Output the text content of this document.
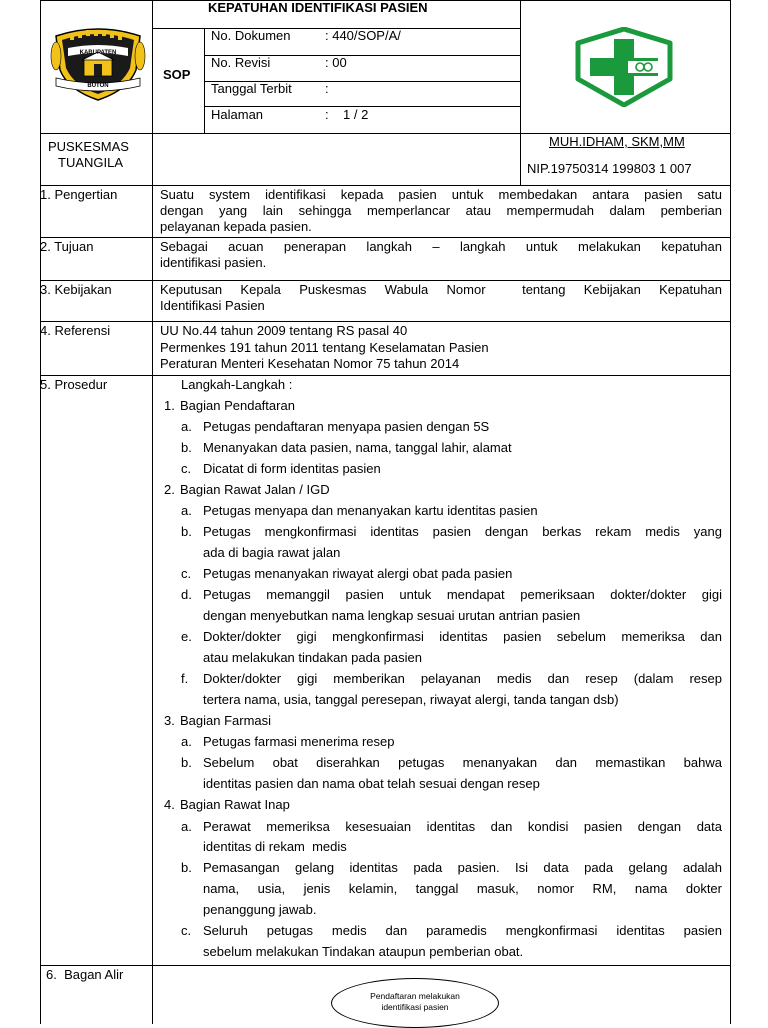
KABUPATEN
BUTON
KEPATUHAN IDENTIFIKASI PASIEN
SOP
No. Dokumen	: 440/SOP/A/
No. Revisi	: 00
Tanggal Terbit	:
Halaman	:    1 / 2
PUSKESMAS
TUANGILA
MUH.IDHAM, SKM,MM
NIP.19750314 199803 1 007
1. Pengertian	Suatu system identifikasi kepada pasien untuk membedakan antara pasien satu
dengan yang lain sehingga memperlancar atau mempermudah dalam pemberian
pelayanan kepada pasien.
2. Tujuan	Sebagai acuan penerapan langkah – langkah untuk melakukan kepatuhan
identifikasi pasien.
3. Kebijakan	Keputusan Kepala Puskesmas Wabula Nomor  tentang Kebijakan Kepatuhan
Identifikasi Pasien
4. Referensi	UU No.44 tahun 2009 tentang RS pasal 40
Permenkes 191 tahun 2011 tentang Keselamatan Pasien
Peraturan Menteri Kesehatan Nomor 75 tahun 2014
5. Prosedur	Langkah-Langkah :
1. Bagian Pendaftaran
a. Petugas pendaftaran menyapa pasien dengan 5S
b. Menanyakan data pasien, nama, tanggal lahir, alamat
c. Dicatat di form identitas pasien
2. Bagian Rawat Jalan / IGD
a. Petugas menyapa dan menanyakan kartu identitas pasien
b. Petugas mengkonfirmasi identitas pasien dengan berkas rekam medis yang
ada di bagia rawat jalan
c. Petugas menanyakan riwayat alergi obat pada pasien
d. Petugas memanggil pasien untuk mendapat pemeriksaan dokter/dokter gigi
dengan menyebutkan nama lengkap sesuai urutan antrian pasien
e. Dokter/dokter gigi mengkonfirmasi identitas pasien sebelum memeriksa dan
atau melakukan tindakan pada pasien
f. Dokter/dokter gigi memberikan pelayanan medis dan resep (dalam resep
tertera nama, usia, tanggal peresepan, riwayat alergi, tanda tangan dsb)
3. Bagian Farmasi
a. Petugas farmasi menerima resep
b. Sebelum obat diserahkan petugas menanyakan dan memastikan bahwa
identitas pasien dan nama obat telah sesuai dengan resep
4. Bagian Rawat Inap
a. Perawat memeriksa kesesuaian identitas dan kondisi pasien dengan data
identitas di rekam  medis
b. Pemasangan gelang identitas pada pasien. Isi data pada gelang adalah
nama, usia, jenis kelamin, tanggal masuk, nomor RM, nama dokter
penanggung jawab.
c. Seluruh petugas medis dan paramedis mengkonfirmasi identitas pasien
sebelum melakukan Tindakan ataupun pemberian obat.
6.  Bagan Alir
Pendaftaran melakukan
identifikasi pasien
